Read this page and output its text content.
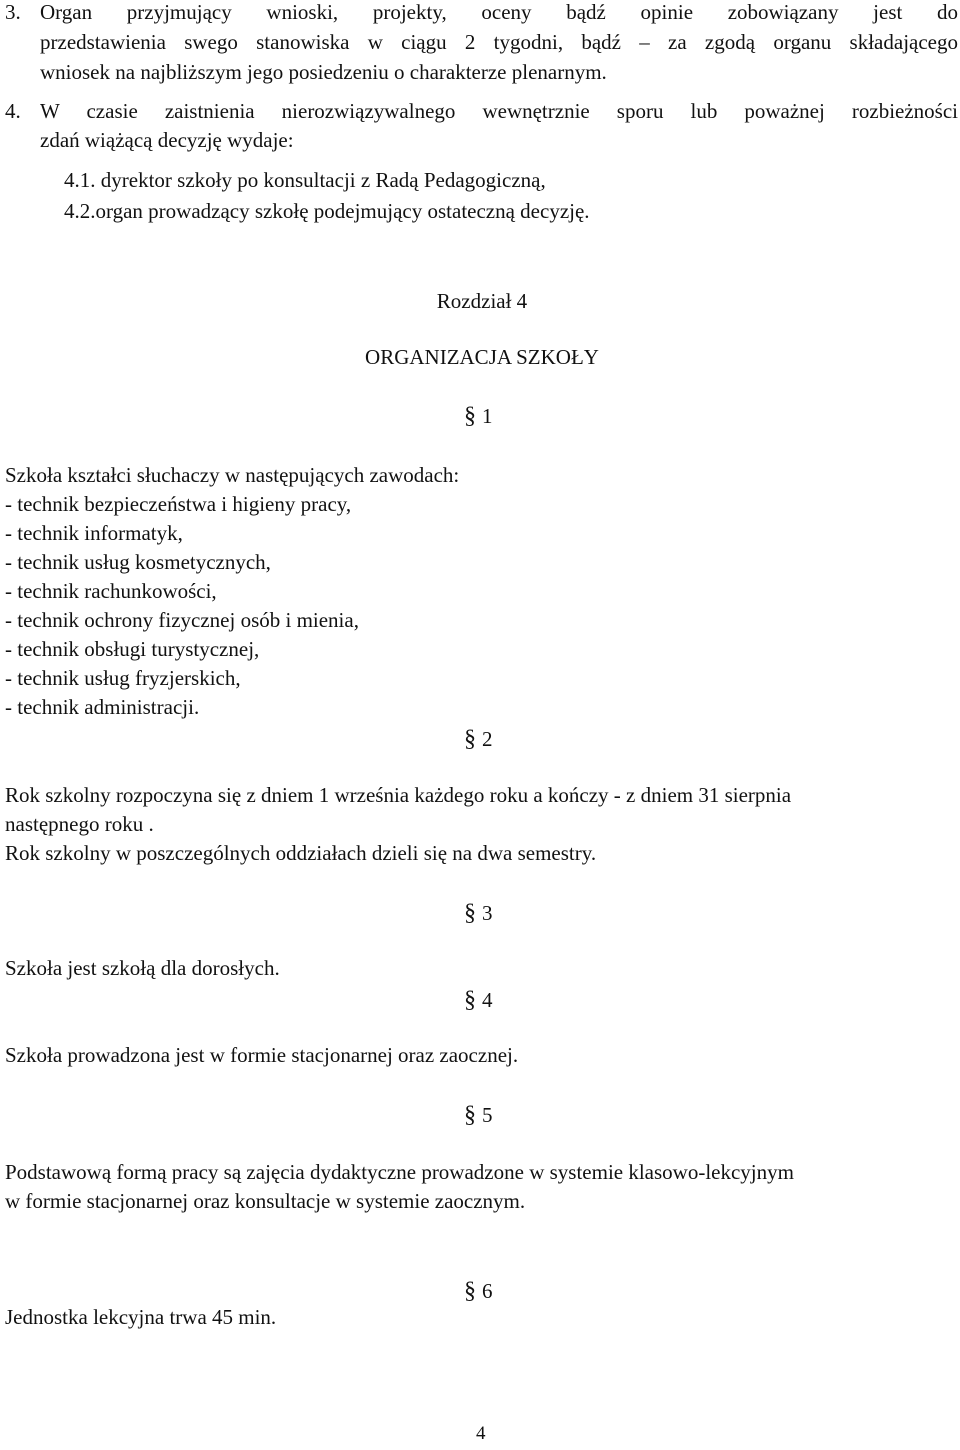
3. Organ przyjmujący wnioski, projekty, oceny bądź opinie zobowiązany jest do
przedstawienia swego stanowiska w ciągu 2 tygodni, bądź – za zgodą organu składającego
wniosek na najbliższym jego posiedzeniu o charakterze plenarnym.
4. W czasie zaistnienia nierozwiązywalnego wewnętrznie sporu lub poważnej rozbieżności
zdań wiążącą decyzję wydaje:
4.1. dyrektor szkoły po konsultacji z Radą Pedagogiczną,
4.2.organ prowadzący szkołę podejmujący ostateczną decyzję.
Rozdział 4
ORGANIZACJA SZKOŁY
§ 1
Szkoła kształci słuchaczy w następujących zawodach:
- technik bezpieczeństwa i higieny pracy,
- technik informatyk,
- technik usług kosmetycznych,
- technik rachunkowości,
- technik ochrony fizycznej osób i mienia,
- technik obsługi turystycznej,
- technik usług fryzjerskich,
- technik administracji.
§ 2
Rok szkolny rozpoczyna się z dniem 1 września każdego roku a kończy - z dniem 31 sierpnia
następnego roku .
Rok szkolny w poszczególnych oddziałach dzieli się na dwa semestry.
§ 3
Szkoła jest szkołą dla dorosłych.
§ 4
Szkoła prowadzona jest w formie stacjonarnej oraz zaocznej.
§ 5
Podstawową formą pracy są zajęcia dydaktyczne prowadzone w systemie klasowo-lekcyjnym
w formie stacjonarnej oraz konsultacje w systemie zaocznym.
§ 6
Jednostka lekcyjna trwa 45 min.
4
